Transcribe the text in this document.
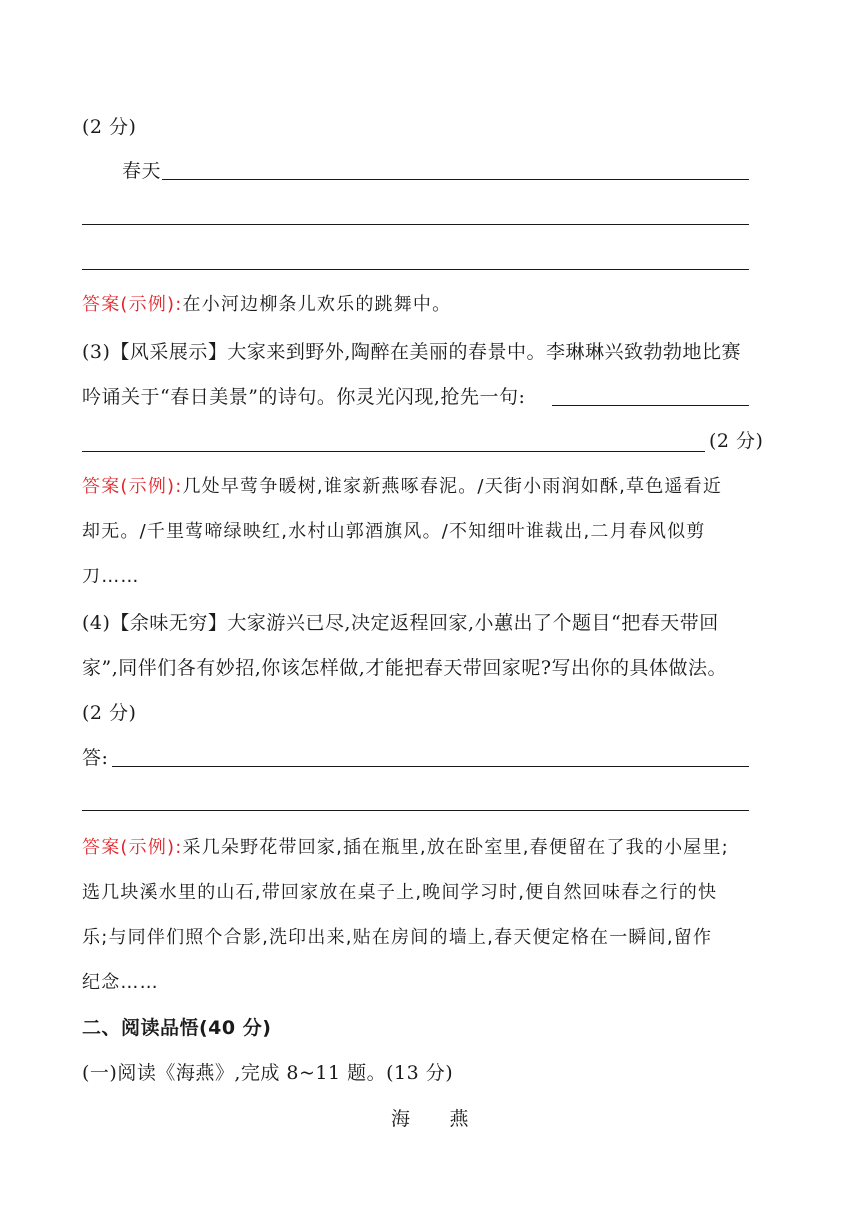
(2 分)
春天
答案(示例):在小河边柳条儿欢乐的跳舞中。
(3)【风采展示】大家来到野外,陶醉在美丽的春景中。李琳琳兴致勃勃地比赛
吟诵关于“春日美景”的诗句。你灵光闪现,抢先一句:
(2 分)
答案(示例):几处早莺争暖树,谁家新燕啄春泥。/天街小雨润如酥,草色遥看近
却无。/千里莺啼绿映红,水村山郭酒旗风。/不知细叶谁裁出,二月春风似剪
刀……
(4)【余味无穷】大家游兴已尽,决定返程回家,小蕙出了个题目“把春天带回
家”,同伴们各有妙招,你该怎样做,才能把春天带回家呢?写出你的具体做法。
(2 分)
答:
答案(示例):采几朵野花带回家,插在瓶里,放在卧室里,春便留在了我的小屋里;
选几块溪水里的山石,带回家放在桌子上,晚间学习时,便自然回味春之行的快
乐;与同伴们照个合影,洗印出来,贴在房间的墙上,春天便定格在一瞬间,留作
纪念……
二、阅读品悟(40 分)
(一)阅读《海燕》,完成 8~11 题。(13 分)
海　　燕
